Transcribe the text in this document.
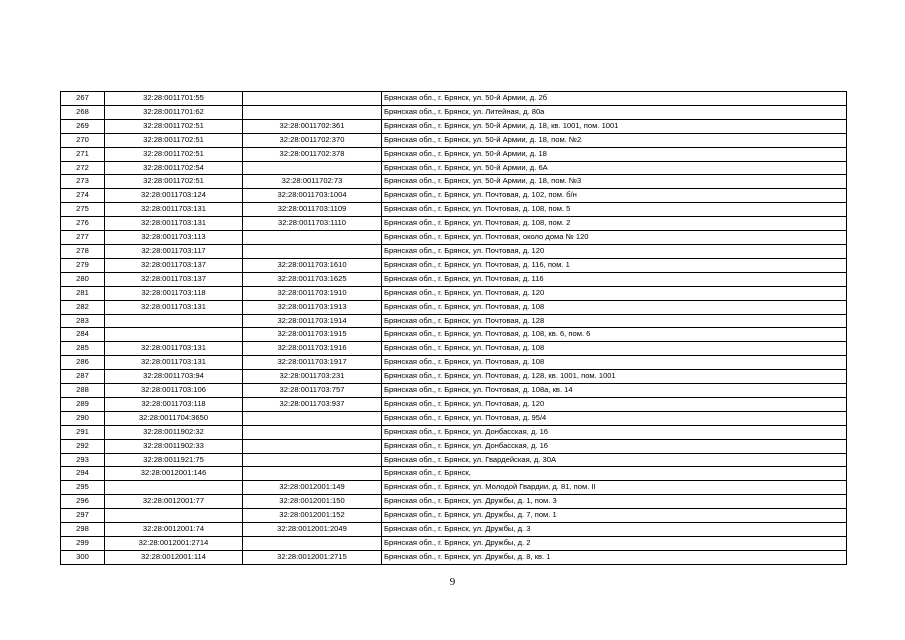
267	32:28:0011701:55		Брянская обл., г. Брянск, ул. 50-й Армии, д. 2б
268	32:28:0011701:62		Брянская обл., г. Брянск, ул. Литейная, д. 80а
269	32:28:0011702:51	32:28:0011702:361	Брянская обл., г. Брянск, ул. 50-й Армии, д. 18, кв. 1001, пом. 1001
270	32:28:0011702:51	32:28:0011702:370	Брянская обл., г. Брянск, ул. 50-й Армии, д. 18, пом. №2
271	32:28:0011702:51	32:28:0011702:378	Брянская обл., г. Брянск, ул. 50-й Армии, д. 18
272	32:28:0011702:54		Брянская обл., г. Брянск, ул. 50-й Армии, д. 6А
273	32:28:0011702:51	32:28:0011702:73	Брянская обл., г. Брянск, ул. 50-й Армии, д. 18, пом. №3
274	32:28:0011703:124	32:28:0011703:1004	Брянская обл., г. Брянск, ул. Почтовая, д. 102, пом. б/н
275	32:28:0011703:131	32:28:0011703:1109	Брянская обл., г. Брянск, ул. Почтовая, д. 108, пом. 5
276	32:28:0011703:131	32:28:0011703:1110	Брянская обл., г. Брянск, ул. Почтовая, д. 108, пом. 2
277	32:28:0011703:113		Брянская обл., г. Брянск, ул. Почтовая, около дома № 120
278	32:28:0011703:117		Брянская обл., г. Брянск, ул. Почтовая, д. 120
279	32:28:0011703:137	32:28:0011703:1610	Брянская обл., г. Брянск, ул. Почтовая, д. 116, пом. 1
280	32:28:0011703:137	32:28:0011703:1625	Брянская обл., г. Брянск, ул. Почтовая, д. 116
281	32:28:0011703:118	32:28:0011703:1910	Брянская обл., г. Брянск, ул. Почтовая, д. 120
282	32:28:0011703:131	32:28:0011703:1913	Брянская обл., г. Брянск, ул. Почтовая, д. 108
283		32:28:0011703:1914	Брянская обл., г. Брянск, ул. Почтовая, д. 128
284		32:28:0011703:1915	Брянская обл., г. Брянск, ул. Почтовая, д. 108, кв. 6, пом. 6
285	32:28:0011703:131	32:28:0011703:1916	Брянская обл., г. Брянск, ул. Почтовая, д. 108
286	32:28:0011703:131	32:28:0011703:1917	Брянская обл., г. Брянск, ул. Почтовая, д. 108
287	32:28:0011703:94	32:28:0011703:231	Брянская обл., г. Брянск, ул. Почтовая, д. 128, кв. 1001, пом. 1001
288	32:28:0011703:106	32:28:0011703:757	Брянская обл., г. Брянск, ул. Почтовая, д. 108а, кв. 14
289	32:28:0011703:118	32:28:0011703:937	Брянская обл., г. Брянск, ул. Почтовая, д. 120
290	32:28:0011704:3650		Брянская обл., г. Брянск, ул. Почтовая, д. 95/4
291	32:28:0011902:32		Брянская обл., г. Брянск, ул. Донбасская, д. 16
292	32:28:0011902:33		Брянская обл., г. Брянск, ул. Донбасская, д. 16
293	32:28:0011921:75		Брянская обл., г. Брянск, ул. Гвардейская, д. 30А
294	32:28:0012001:146		Брянская обл., г. Брянск,
295		32:28:0012001:149	Брянская обл., г. Брянск, ул. Молодой Гвардии, д. 81, пом. II
296	32:28:0012001:77	32:28:0012001:150	Брянская обл., г. Брянск, ул. Дружбы, д. 1, пом. 3
297		32:28:0012001:152	Брянская обл., г. Брянск, ул. Дружбы, д. 7, пом. 1
298	32:28:0012001:74	32:28:0012001:2049	Брянская обл., г. Брянск, ул. Дружбы, д. 3
299	32:28:0012001:2714		Брянская обл., г. Брянск, ул. Дружбы, д. 2
300	32:28:0012001:114	32:28:0012001:2715	Брянская обл., г. Брянск, ул. Дружбы, д. 8, кв. 1
9
